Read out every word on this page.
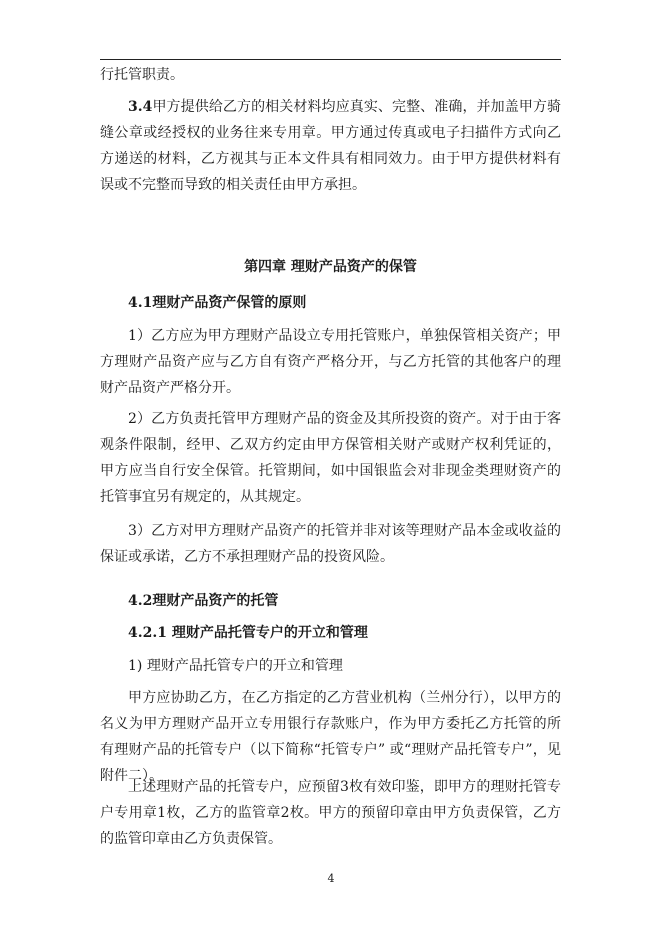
行托管职责。
3.4甲方提供给乙方的相关材料均应真实、完整、准确，并加盖甲方骑缝公章或经授权的业务往来专用章。甲方通过传真或电子扫描件方式向乙方递送的材料，乙方视其与正本文件具有相同效力。由于甲方提供材料有误或不完整而导致的相关责任由甲方承担。
第四章 理财产品资产的保管
4.1理财产品资产保管的原则
1）乙方应为甲方理财产品设立专用托管账户，单独保管相关资产；甲方理财产品资产应与乙方自有资产严格分开，与乙方托管的其他客户的理财产品资产严格分开。
2）乙方负责托管甲方理财产品的资金及其所投资的资产。对于由于客观条件限制，经甲、乙双方约定由甲方保管相关财产或财产权利凭证的，甲方应当自行安全保管。托管期间，如中国银监会对非现金类理财资产的托管事宜另有规定的，从其规定。
3）乙方对甲方理财产品资产的托管并非对该等理财产品本金或收益的保证或承诺，乙方不承担理财产品的投资风险。
4.2理财产品资产的托管
4.2.1 理财产品托管专户的开立和管理
1) 理财产品托管专户的开立和管理
甲方应协助乙方，在乙方指定的乙方营业机构（兰州分行），以甲方的名义为甲方理财产品开立专用银行存款账户，作为甲方委托乙方托管的所有理财产品的托管专户（以下简称“托管专户” 或“理财产品托管专户”，见附件二）。
上述理财产品的托管专户，应预留3枚有效印鉴，即甲方的理财托管专户专用章1枚，乙方的监管章2枚。甲方的预留印章由甲方负责保管，乙方的监管印章由乙方负责保管。
4
